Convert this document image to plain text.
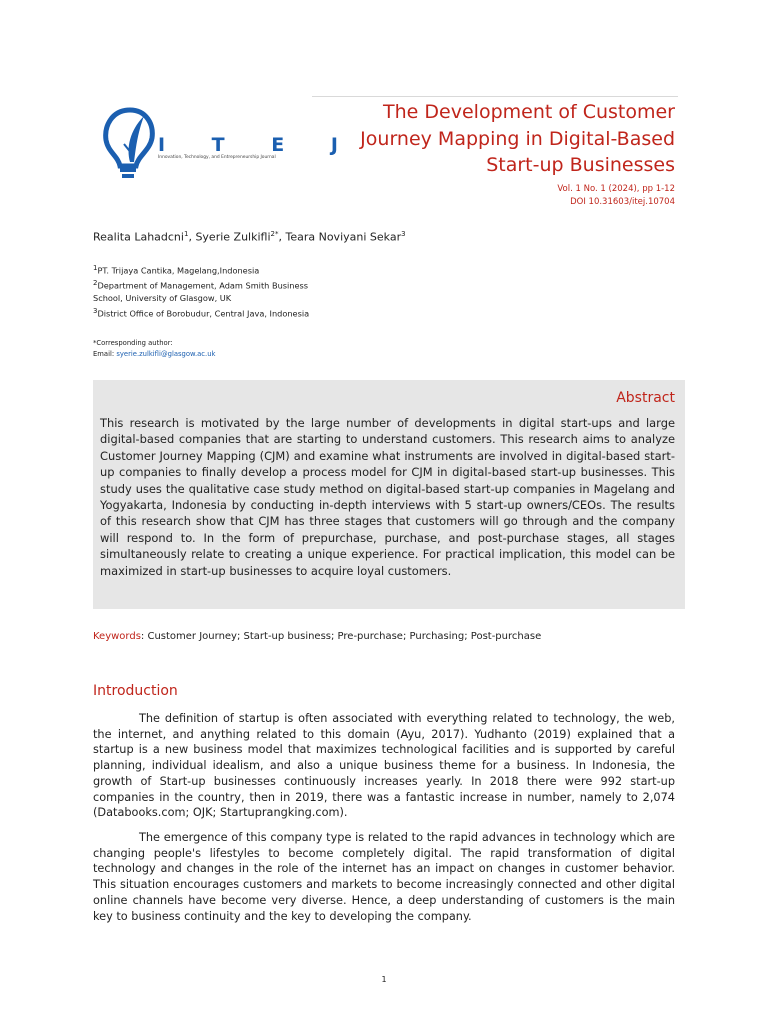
I T E J
Innovation, Technology, and Entrepreneurship Journal
The Development of Customer
Journey Mapping in Digital-Based
Start-up Businesses
Vol. 1 No. 1 (2024), pp 1-12
DOI 10.31603/itej.10704
Realita Lahadcni$^1$, Syerie Zulkifli$^{2*}$, Teara Noviyani Sekar$^3$
$^1$PT. Trijaya Cantika, Magelang,Indonesia
$^2$Department of Management, Adam Smith Business School, University of Glasgow, UK
$^3$District Office of Borobudur, Central Java, Indonesia
*Corresponding author:
Email: syerie.zulkifli@glasgow.ac.uk
Abstract
This research is motivated by the large number of developments in digital start-ups and large digital-based companies that are starting to understand customers. This research aims to analyze Customer Journey Mapping (CJM) and examine what instruments are involved in digital-based start-up companies to finally develop a process model for CJM in digital-based start-up businesses. This study uses the qualitative case study method on digital-based start-up companies in Magelang and Yogyakarta, Indonesia by conducting in-depth interviews with 5 start-up owners/CEOs. The results of this research show that CJM has three stages that customers will go through and the company will respond to. In the form of prepurchase, purchase, and post-purchase stages, all stages simultaneously relate to creating a unique experience. For practical implication, this model can be maximized in start-up businesses to acquire loyal customers.
Keywords: Customer Journey; Start-up business; Pre-purchase; Purchasing; Post-purchase
Introduction
The definition of startup is often associated with everything related to technology, the web, the internet, and anything related to this domain (Ayu, 2017). Yudhanto (2019) explained that a startup is a new business model that maximizes technological facilities and is supported by careful planning, individual idealism, and also a unique business theme for a business. In Indonesia, the growth of Start-up businesses continuously increases yearly. In 2018 there were 992 start-up companies in the country, then in 2019, there was a fantastic increase in number, namely to 2,074 (Databooks.com; OJK; Startuprangking.com).
The emergence of this company type is related to the rapid advances in technology which are changing people's lifestyles to become completely digital. The rapid transformation of digital technology and changes in the role of the internet has an impact on changes in customer behavior. This situation encourages customers and markets to become increasingly connected and other digital online channels have become very diverse. Hence, a deep understanding of customers is the main key to business continuity and the key to developing the company.
1
